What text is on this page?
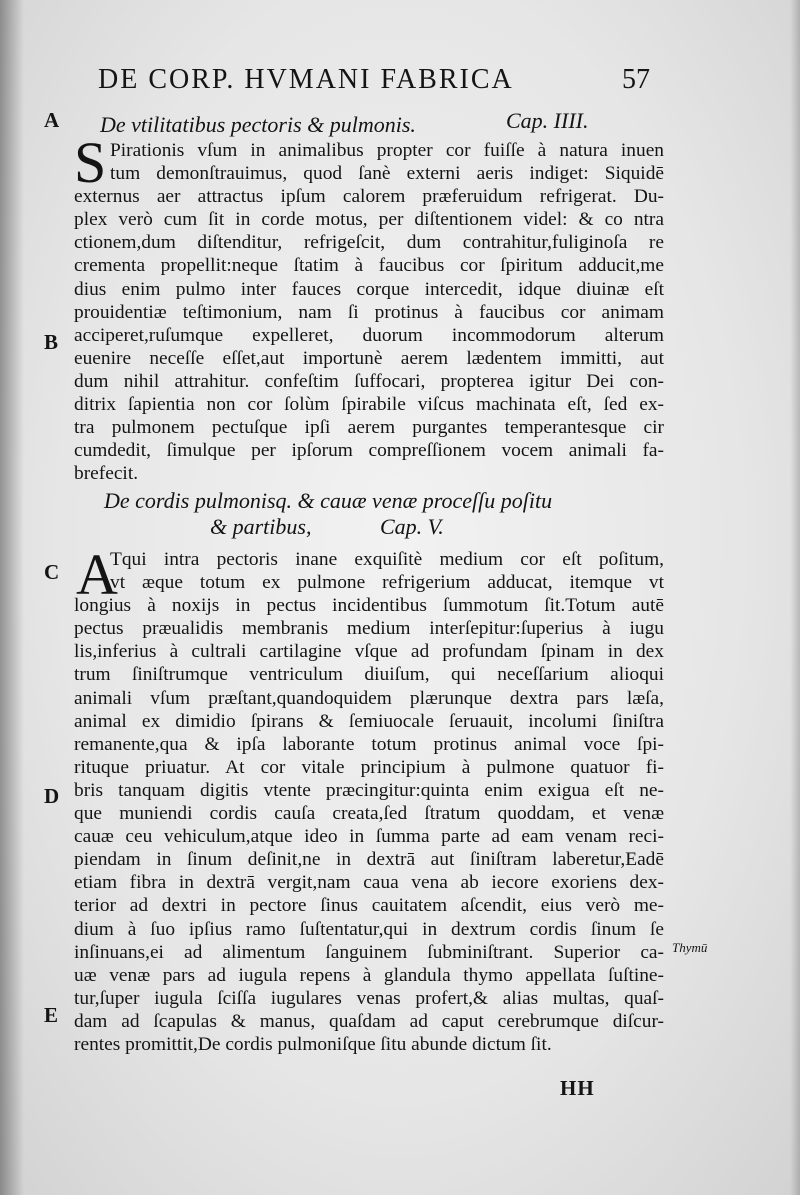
DE CORP. HVMANI FABRICA	57
A
B
C
D
E
De vtilitatibus pectoris & pulmonis.	Cap. IIII.
S Pirationis vſum in animalibus propter cor fuiſſe à natura inuen
tum demonſtrauimus, quod ſanè externi aeris indiget: Siquidē
externus aer attractus ipſum calorem præferuidum refrigerat. Du-
plex verò cum ſit in corde motus, per diſtentionem videl: & co ntra
ctionem,dum diſtenditur, refrigeſcit, dum contrahitur,fuliginoſa re
crementa propellit:neque ſtatim à faucibus cor ſpiritum adducit,me
dius enim pulmo inter fauces corque intercedit, idque diuinæ eſt
prouidentiæ teſtimonium, nam ſi protinus à faucibus cor animam
acciperet,ruſumque expelleret, duorum incommodorum alterum
euenire neceſſe eſſet,aut importunè aerem lædentem immitti, aut
dum nihil attrahitur. confeſtim ſuffocari, propterea igitur Dei con-
ditrix ſapientia non cor ſolùm ſpirabile viſcus machinata eſt, ſed ex-
tra pulmonem pectuſque ipſi aerem purgantes temperantesque cir
cumdedit, ſimulque per ipſorum compreſſionem vocem animali fa-
brefecit.
De cordis pulmonisq. & cauæ venæ proceſſu poſitu
& partibus,	Cap. V.
A
Tqui intra pectoris inane exquiſitè medium cor eſt poſitum,
vt æque totum ex pulmone refrigerium adducat, itemque vt
longius à noxijs in pectus incidentibus ſummotum ſit.Totum autē
pectus præualidis membranis medium interſepitur:ſuperius à iugu
lis,inferius à cultrali cartilagine vſque ad profundam ſpinam in dex
trum ſiniſtrumque ventriculum diuiſum, qui neceſſarium alioqui
animali vſum præſtant,quandoquidem plærunque dextra pars læſa,
animal ex dimidio ſpirans & ſemiuocale ſeruauit, incolumi ſiniſtra
remanente,qua & ipſa laborante totum protinus animal voce ſpi-
rituque priuatur. At cor vitale principium à pulmone quatuor fi-
bris tanquam digitis vtente præcingitur:quinta enim exigua eſt ne-
que muniendi cordis cauſa creata,ſed ſtratum quoddam, et venæ
cauæ ceu vehiculum,atque ideo in ſumma parte ad eam venam reci-
piendam in ſinum deſinit,ne in dextrā aut ſiniſtram laberetur,Eadē
etiam fibra in dextrā vergit,nam caua vena ab iecore exoriens dex-
terior ad dextri in pectore ſinus cauitatem aſcendit, eius verò me-
dium à ſuo ipſius ramo ſuſtentatur,qui in dextrum cordis ſinum ſe
inſinuans,ei ad alimentum ſanguinem ſubminiſtrant. Superior ca-
uæ venæ pars ad iugula repens à glandula thymo appellata ſuſtine-
tur,ſuper iugula ſciſſa iugulares venas profert,& alias multas, quaſ-
dam ad ſcapulas & manus, quaſdam ad caput cerebrumque diſcur-
rentes promittit,De cordis pulmoniſque ſitu abunde dictum ſit.
Thymū
HH
